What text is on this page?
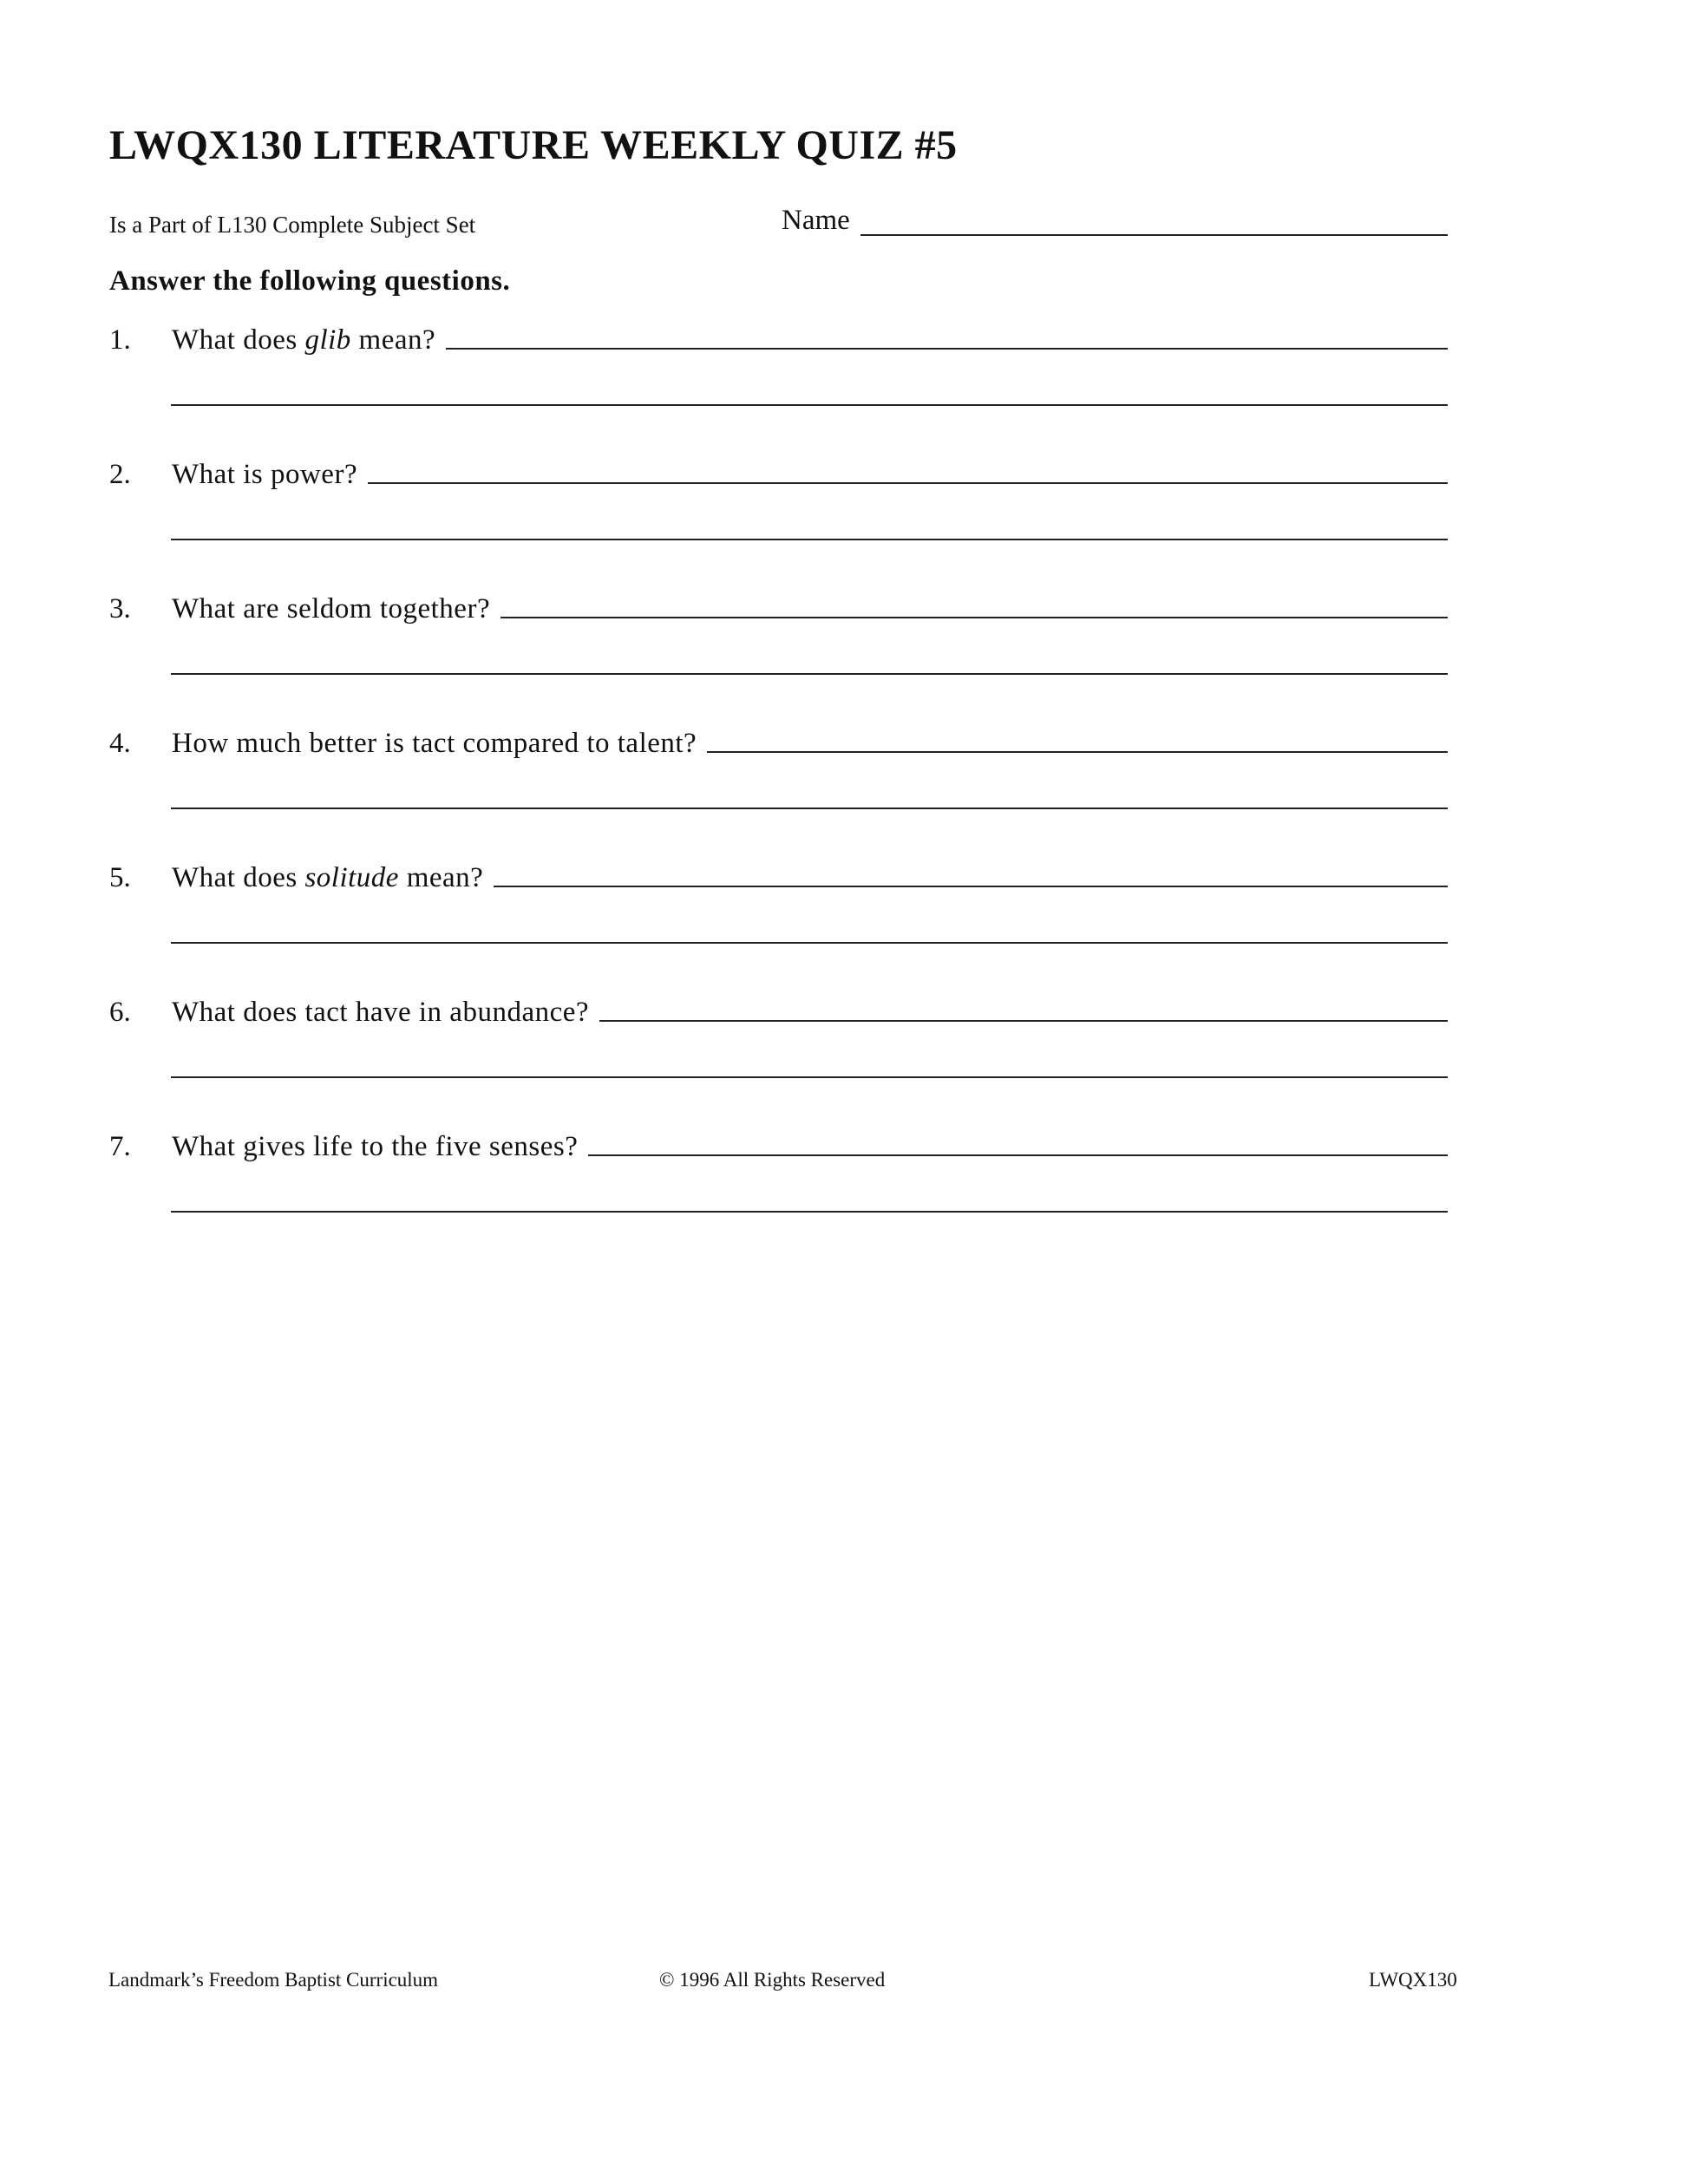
LWQX130 LITERATURE WEEKLY QUIZ #5
Is a Part of L130 Complete Subject Set	Name
Answer the following questions.
1. What does glib mean?
2. What is power?
3. What are seldom together?
4. How much better is tact compared to talent?
5. What does solitude mean?
6. What does tact have in abundance?
7. What gives life to the five senses?
Landmark’s Freedom Baptist Curriculum	© 1996 All Rights Reserved	LWQX130
